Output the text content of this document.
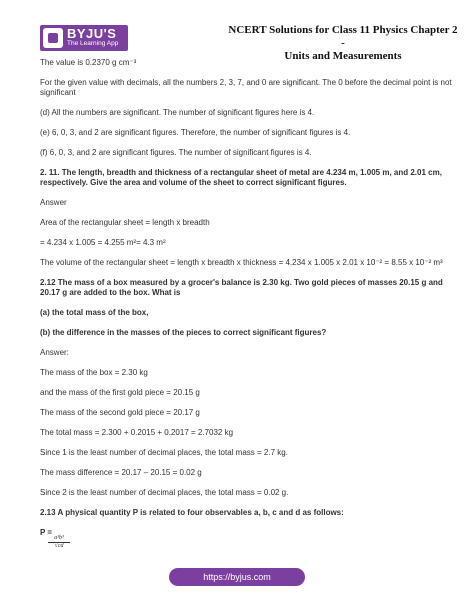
BYJU'S
The Learning App
NCERT Solutions for Class 11 Physics Chapter 2 -
Units and Measurements

The value is 0.2370 g cm⁻³

For the given value with decimals, all the numbers 2, 3, 7, and 0 are significant. The 0 before the decimal point is not significant

(d) All the numbers are significant. The number of significant figures here is 4.

(e) 6, 0, 3, and 2 are significant figures. Therefore, the number of significant figures is 4.

(f) 6, 0, 3, and 2 are significant figures. The number of significant figures is 4.

2. 11. The length, breadth and thickness of a rectangular sheet of metal are 4.234 m, 1.005 m, and 2.01 cm, respectively. Give the area and volume of the sheet to correct significant figures.

Answer

Area of the rectangular sheet = length x breadth

= 4.234 x 1.005 = 4.255 m²= 4.3 m²

The volume of the rectangular sheet = length x breadth x thickness = 4.234 x 1.005 x 2.01 x 10⁻² = 8.55 x 10⁻² m³

2.12 The mass of a box measured by a grocer's balance is 2.30 kg. Two gold pieces of masses 20.15 g and 20.17 g are added to the box. What is

(a) the total mass of the box,

(b) the difference in the masses of the pieces to correct significant figures?

Answer:

The mass of the box = 2.30 kg

and the mass of the first gold piece = 20.15 g

The mass of the second gold piece = 20.17 g

The total mass = 2.300 + 0.2015 + 0.2017 = 2.7032 kg

Since 1 is the least number of decimal places, the total mass = 2.7 kg.

The mass difference = 20.17 – 20.15 = 0.02 g

Since 2 is the least number of decimal places, the total mass = 0.02 g.

2.13 A physical quantity P is related to four observables a, b, c and d as follows:

P =

$\frac{\text{a³b³}}{√cd}$
https://byjus.com
